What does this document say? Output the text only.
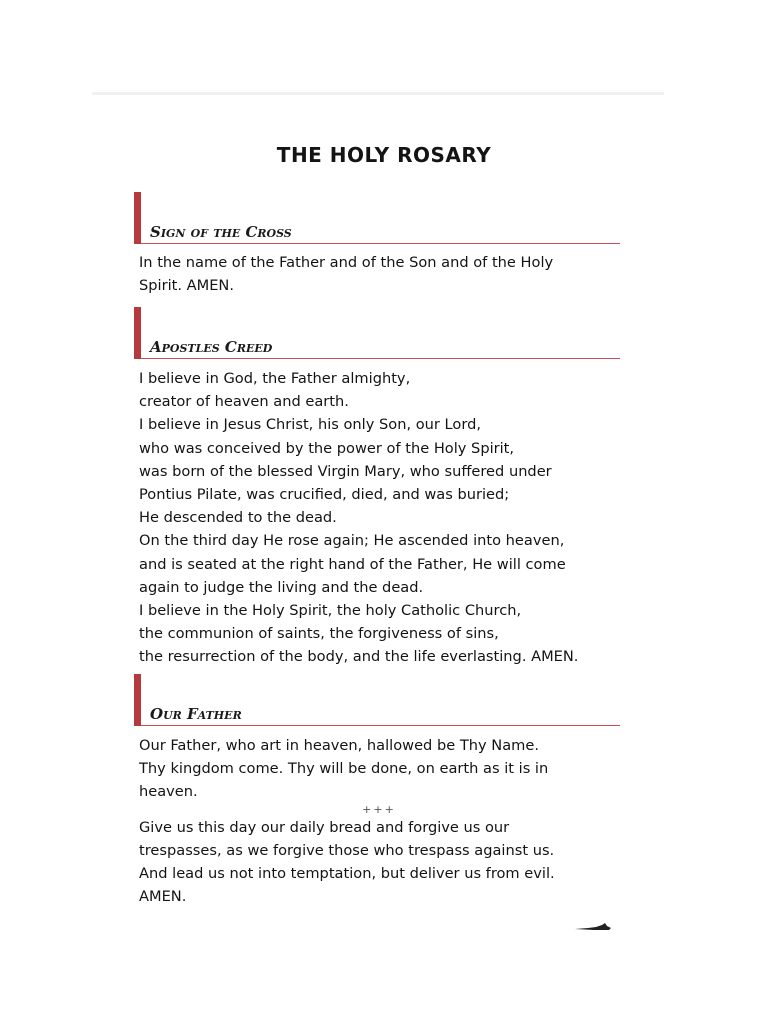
THE HOLY ROSARY
Sign of the Cross
In the name of the Father and of the Son and of the Holy
Spirit. AMEN.
Apostles Creed
I believe in God, the Father almighty,
creator of heaven and earth.
I believe in Jesus Christ, his only Son, our Lord,
who was conceived by the power of the Holy Spirit,
was born of the blessed Virgin Mary, who suffered under
Pontius Pilate, was crucified, died, and was buried;
He descended to the dead.
On the third day He rose again; He ascended into heaven,
and is seated at the right hand of the Father, He will come
again to judge the living and the dead.
I believe in the Holy Spirit, the holy Catholic Church,
the communion of saints, the forgiveness of sins,
the resurrection of the body, and the life everlasting. AMEN.
Our Father
Our Father, who art in heaven, hallowed be Thy Name.
Thy kingdom come. Thy will be done, on earth as it is in
heaven.
+++
Give us this day our daily bread and forgive us our
trespasses, as we forgive those who trespass against us.
And lead us not into temptation, but deliver us from evil.
AMEN.
